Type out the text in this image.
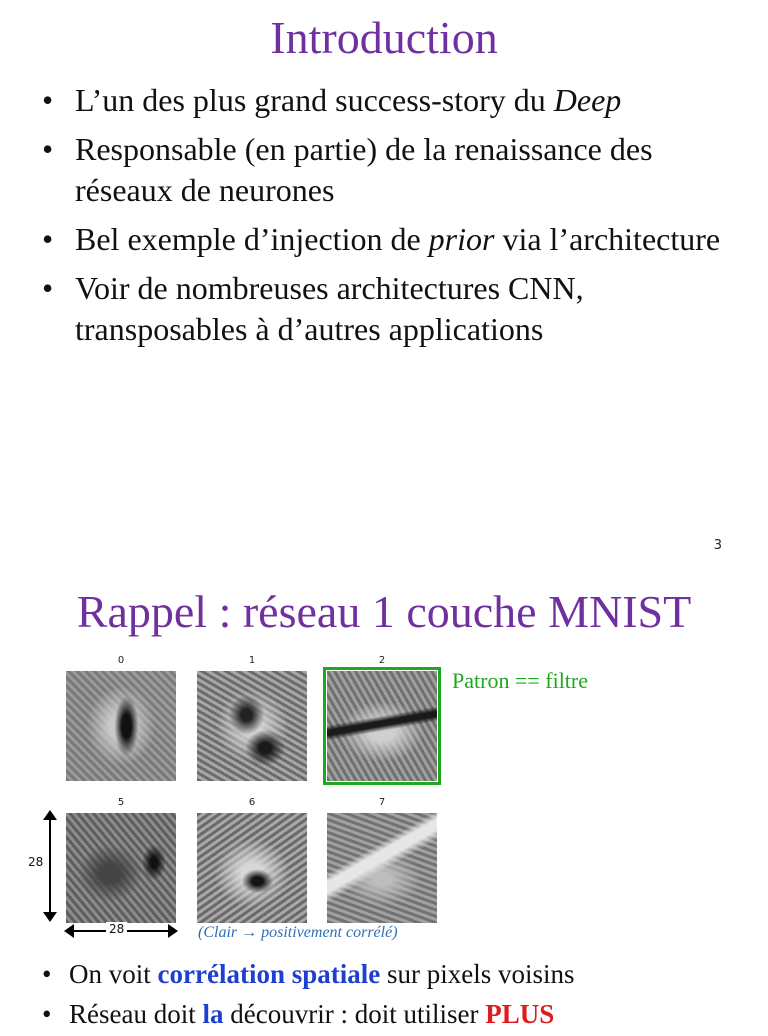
Introduction
• L’un des plus grand success-story du Deep
• Responsable (en partie) de la renaissance des réseaux de neurones
• Bel exemple d’injection de prior via l’architecture
• Voir de nombreuses architectures CNN, transposables à d’autres applications
3
Rappel : réseau 1 couche MNIST
0	1	2
Patron == filtre
5	6	7
28
28	(Clair → positivement corrélé)
• On voit corrélation spatiale sur pixels voisins
• Réseau doit la découvrir : doit utiliser PLUS
